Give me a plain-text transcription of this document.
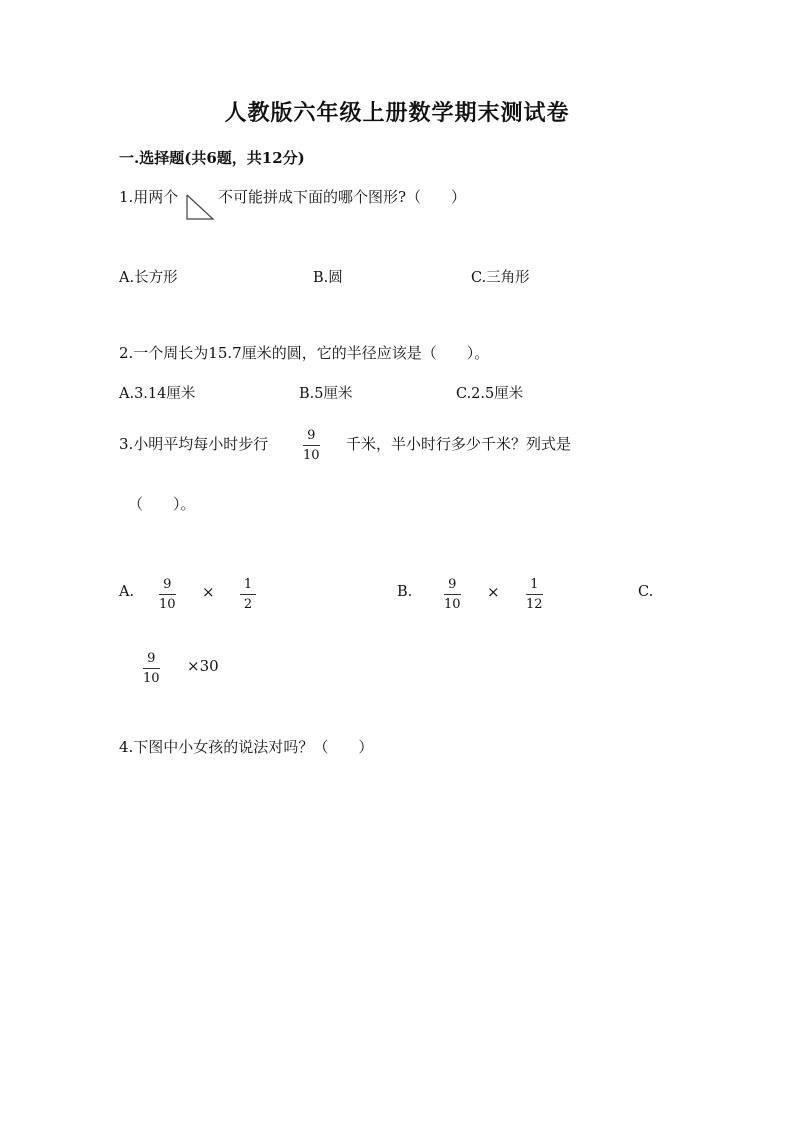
人教版六年级上册数学期末测试卷
一.选择题(共6题，共12分)
1.用两个	不可能拼成下面的哪个图形?（　　）
A.长方形	B.圆	C.三角形
2.一个周长为15.7厘米的圆，它的半径应该是（　　）。
A.3.14厘米	B.5厘米	C.2.5厘米
3.小明平均每小时步行	9
10
千米，半小时行多少千米？列式是
（　　）。
A. 9
10
× 1
2
B.	9
10
× 1
12
C.
9
10
×30
4.下图中小女孩的说法对吗？（　　）
